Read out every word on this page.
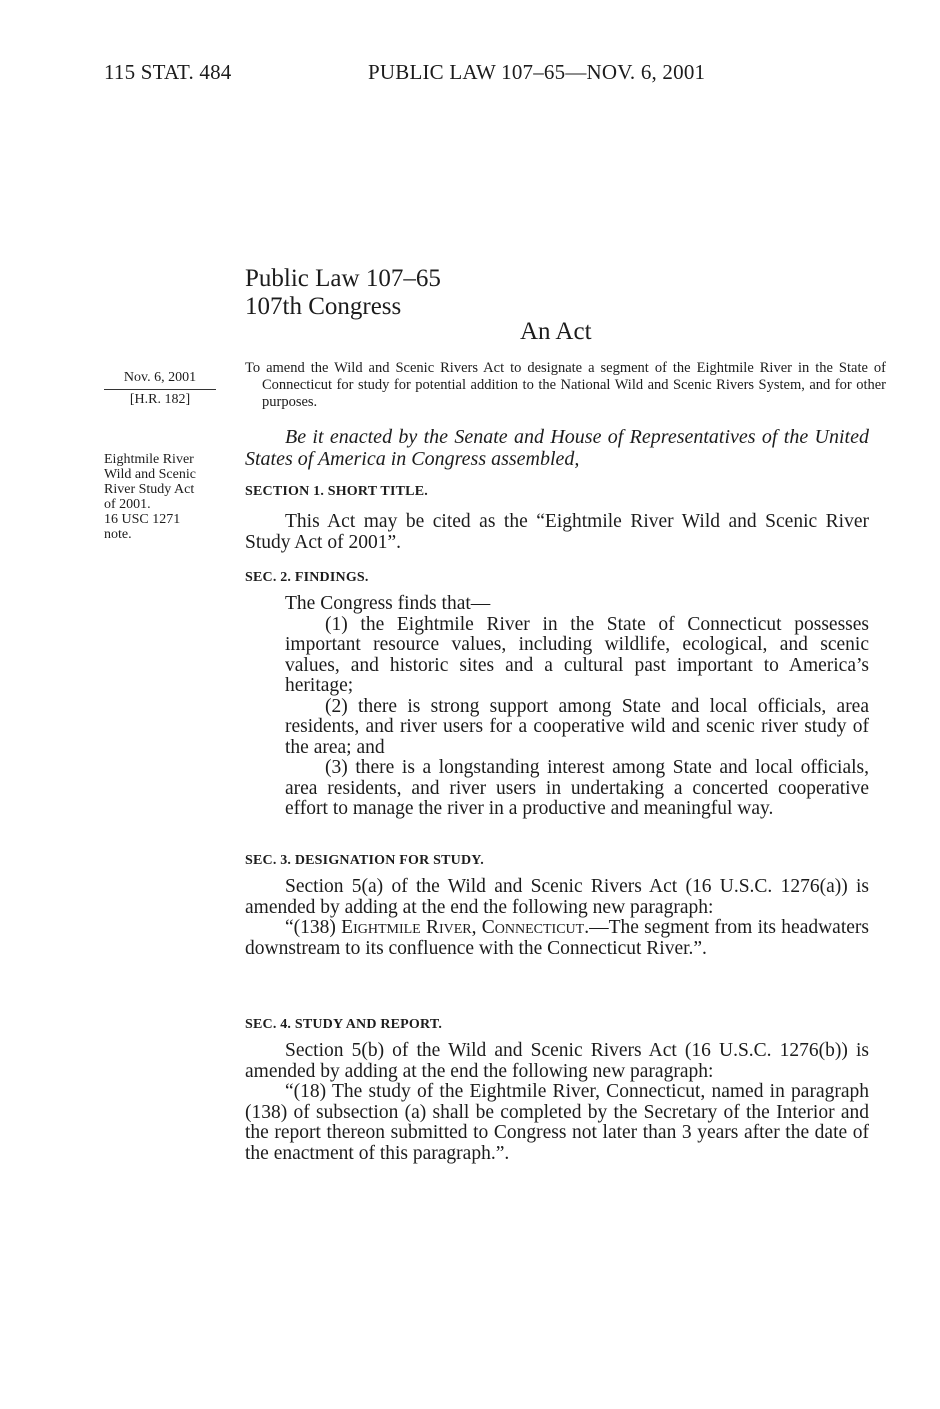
115 STAT. 484	PUBLIC LAW 107–65—NOV. 6, 2001
Public Law 107–65
107th Congress
An Act
Nov. 6, 2001
[H.R. 182]
Eightmile River
Wild and Scenic
River Study Act
of 2001.
16 USC 1271
note.
To amend the Wild and Scenic Rivers Act to designate a segment of the Eightmile River in the State of Connecticut for study for potential addition to the National Wild and Scenic Rivers System, and for other purposes.
Be it enacted by the Senate and House of Representatives of the United States of America in Congress assembled,
SECTION 1. SHORT TITLE.

This Act may be cited as the “Eightmile River Wild and Scenic River Study Act of 2001”.

SEC. 2. FINDINGS.

The Congress finds that—

(1) the Eightmile River in the State of Connecticut possesses important resource values, including wildlife, ecological, and scenic values, and historic sites and a cultural past important to America’s heritage;

(2) there is strong support among State and local officials, area residents, and river users for a cooperative wild and scenic river study of the area; and

(3) there is a longstanding interest among State and local officials, area residents, and river users in undertaking a concerted cooperative effort to manage the river in a productive and meaningful way.

SEC. 3. DESIGNATION FOR STUDY.

Section 5(a) of the Wild and Scenic Rivers Act (16 U.S.C. 1276(a)) is amended by adding at the end the following new paragraph:

“(138) Eightmile River, Connecticut.—The segment from its headwaters downstream to its confluence with the Connecticut River.”.

SEC. 4. STUDY AND REPORT.

Section 5(b) of the Wild and Scenic Rivers Act (16 U.S.C. 1276(b)) is amended by adding at the end the following new paragraph:

“(18) The study of the Eightmile River, Connecticut, named in paragraph (138) of subsection (a) shall be completed by the Secretary of the Interior and the report thereon submitted to Congress not later than 3 years after the date of the enactment of this paragraph.”.
